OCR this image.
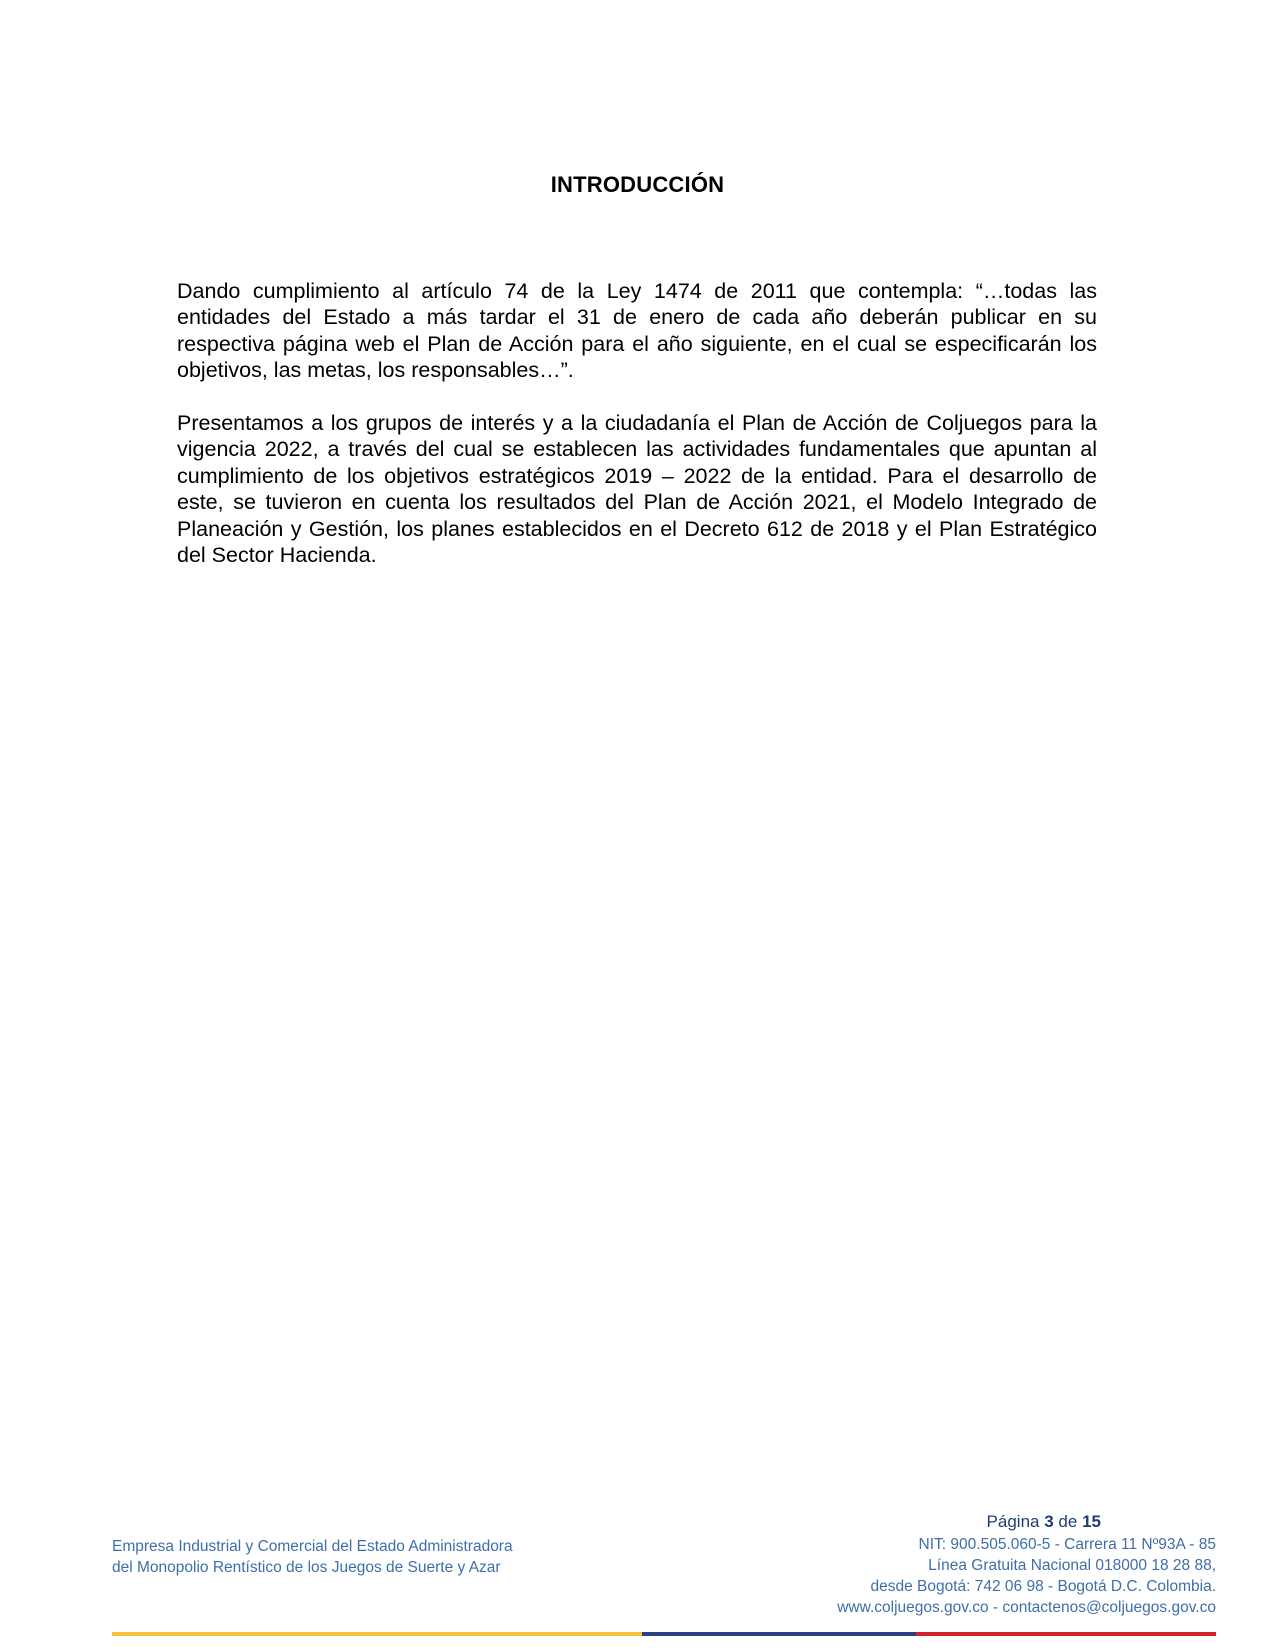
INTRODUCCIÓN

Dando cumplimiento al artículo 74 de la Ley 1474 de 2011 que contempla: “…todas las entidades del Estado a más tardar el 31 de enero de cada año deberán publicar en su respectiva página web el Plan de Acción para el año siguiente, en el cual se especificarán los objetivos, las metas, los responsables…”.

Presentamos a los grupos de interés y a la ciudadanía el Plan de Acción de Coljuegos para la vigencia 2022, a través del cual se establecen las actividades fundamentales que apuntan al cumplimiento de los objetivos estratégicos 2019 – 2022 de la entidad. Para el desarrollo de este, se tuvieron en cuenta los resultados del Plan de Acción 2021, el Modelo Integrado de Planeación y Gestión, los planes establecidos en el Decreto 612 de 2018 y el Plan Estratégico del Sector Hacienda.

Página 3 de 15
Empresa Industrial y Comercial del Estado Administradora
del Monopolio Rentístico de los Juegos de Suerte y Azar
NIT: 900.505.060-5 - Carrera 11 Nº93A - 85
Línea Gratuita Nacional 018000 18 28 88,
desde Bogotá: 742 06 98 - Bogotá D.C. Colombia.
www.coljuegos.gov.co - contactenos@coljuegos.gov.co
